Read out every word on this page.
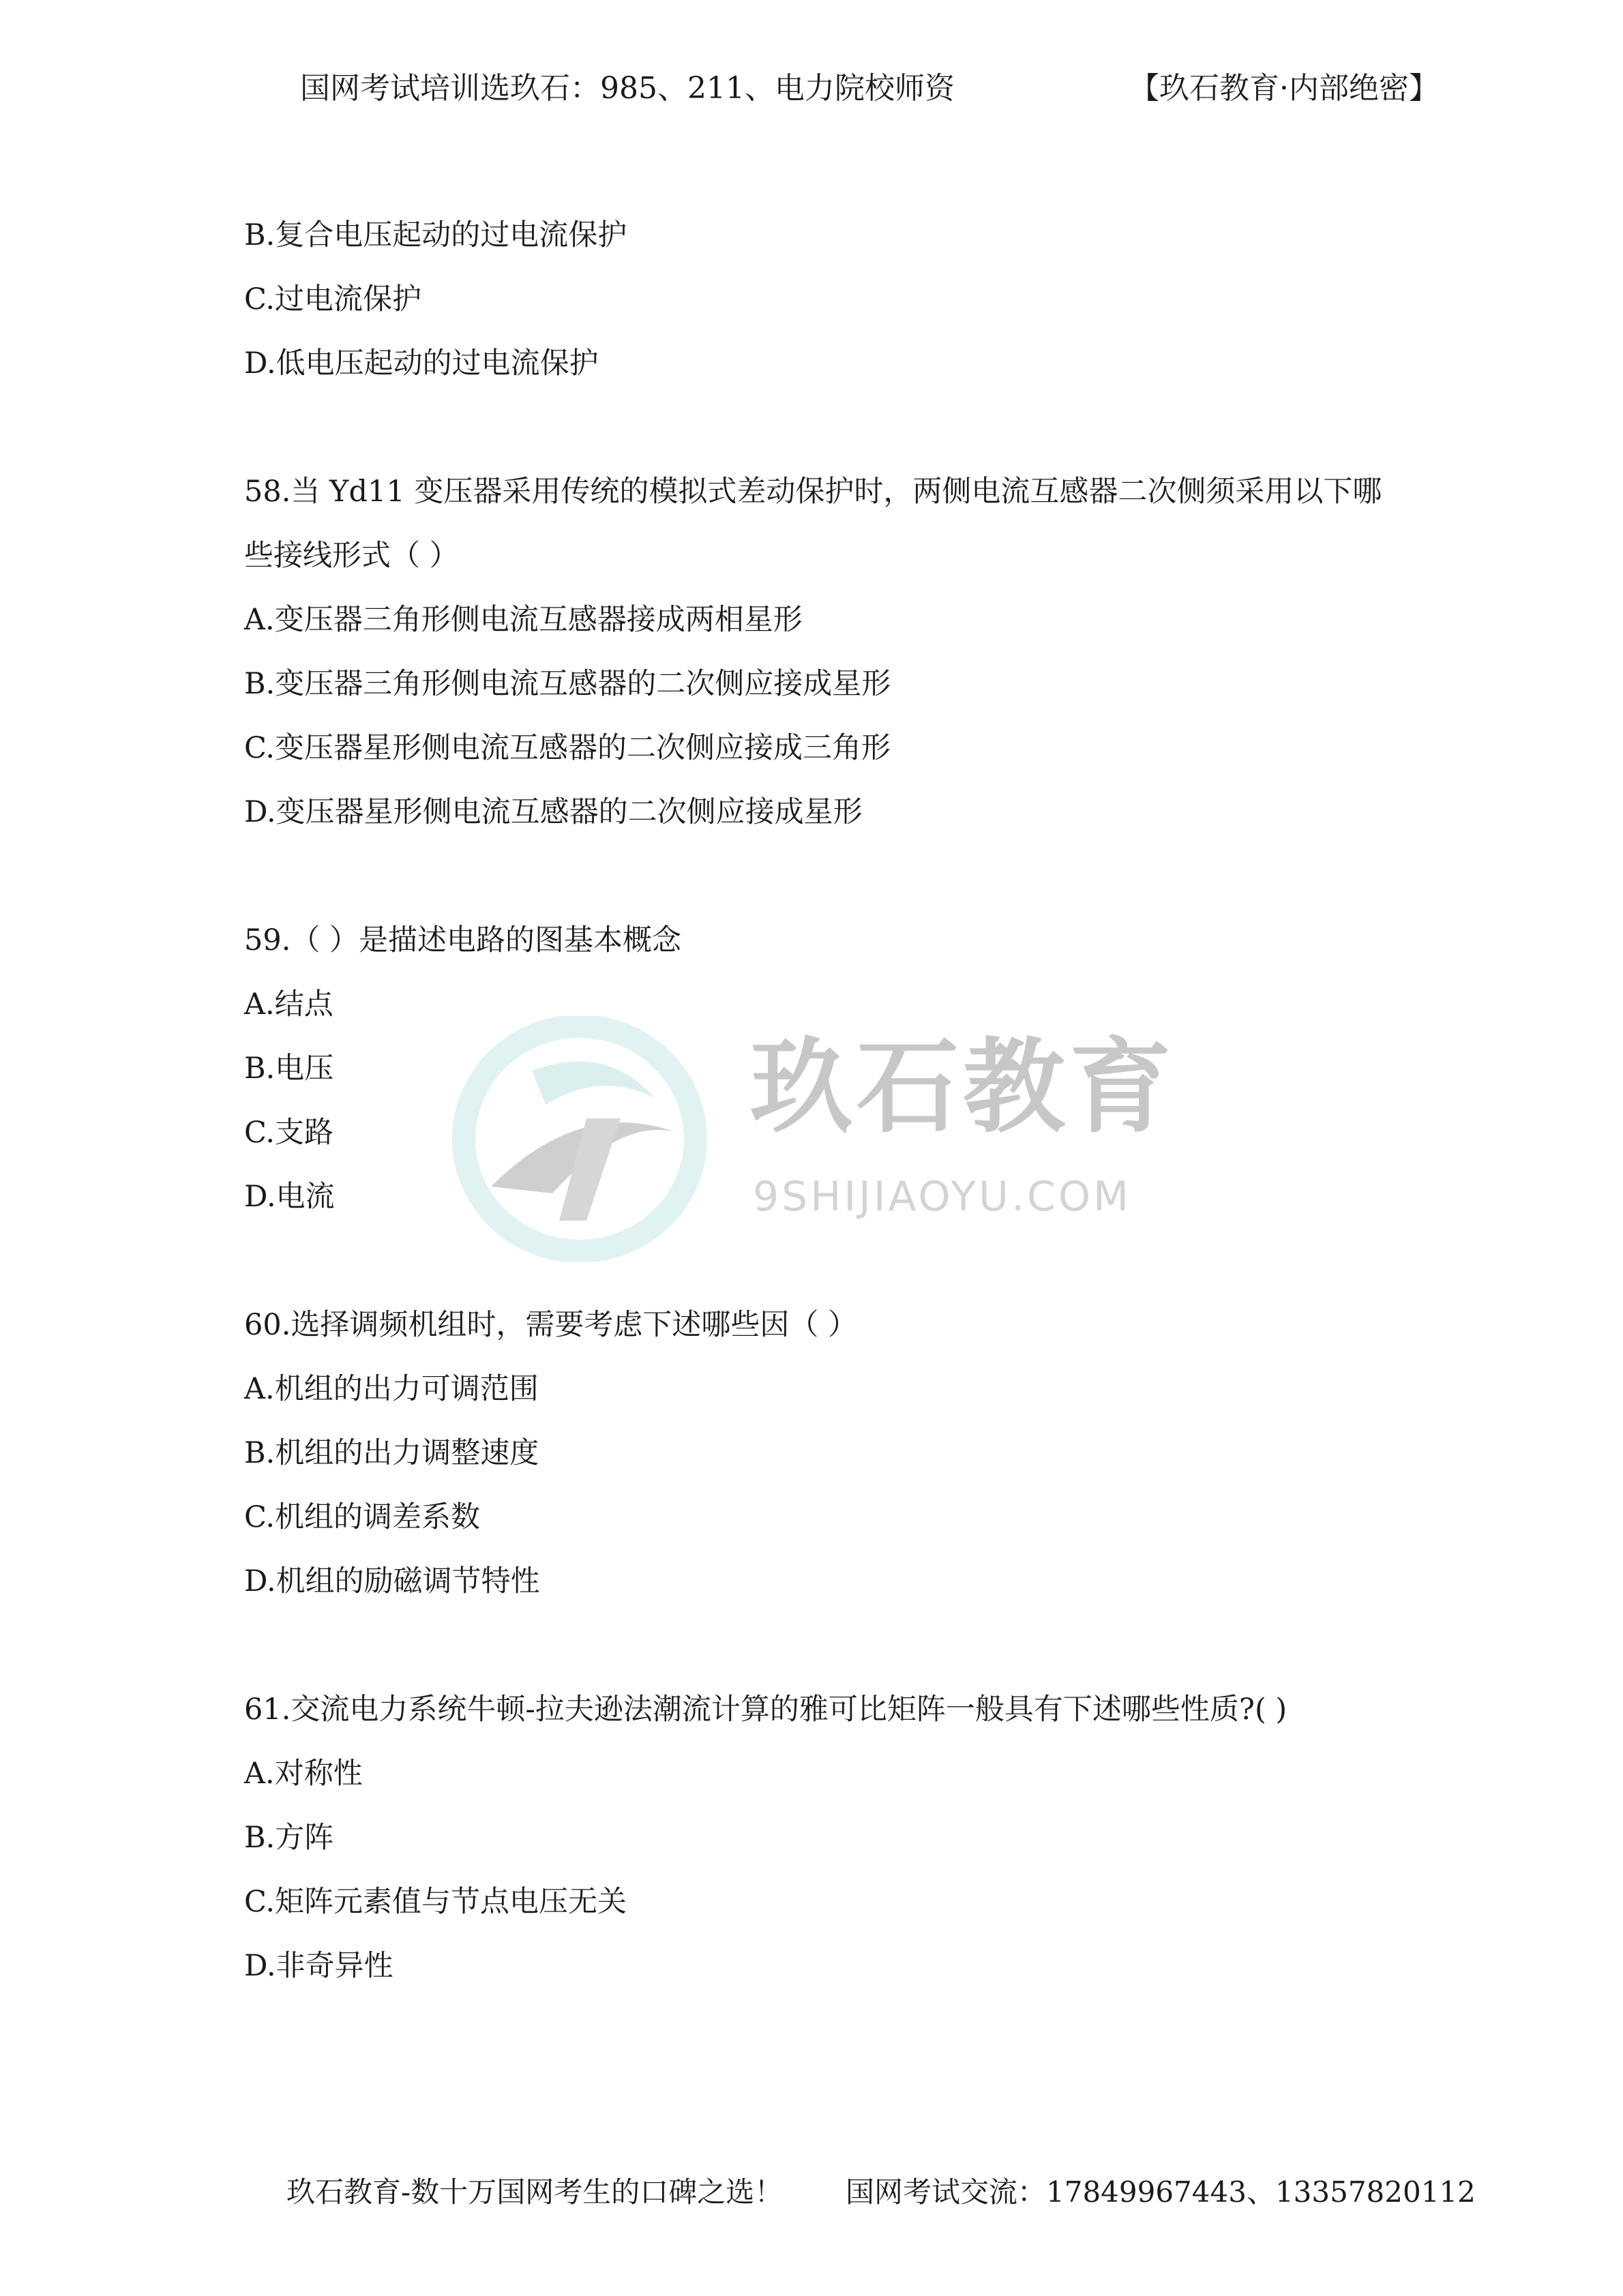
国网考试培训选玖石：985、211、电力院校师资	【玖石教育·内部绝密】
玖石教育
9SHIJIAOYU.COM
B.复合电压起动的过电流保护
C.过电流保护
D.低电压起动的过电流保护
58.当 Yd11 变压器采用传统的模拟式差动保护时，两侧电流互感器二次侧须采用以下哪
些接线形式（ ）
A.变压器三角形侧电流互感器接成两相星形
B.变压器三角形侧电流互感器的二次侧应接成星形
C.变压器星形侧电流互感器的二次侧应接成三角形
D.变压器星形侧电流互感器的二次侧应接成星形
59.（ ）是描述电路的图基本概念
A.结点
B.电压
C.支路
D.电流
60.选择调频机组时，需要考虑下述哪些因（ ）
A.机组的出力可调范围
B.机组的出力调整速度
C.机组的调差系数
D.机组的励磁调节特性
61.交流电力系统牛顿-拉夫逊法潮流计算的雅可比矩阵一般具有下述哪些性质?( )
A.对称性
B.方阵
C.矩阵元素值与节点电压无关
D.非奇异性
玖石教育-数十万国网考生的口碑之选！ 国网考试交流：17849967443、13357820112
